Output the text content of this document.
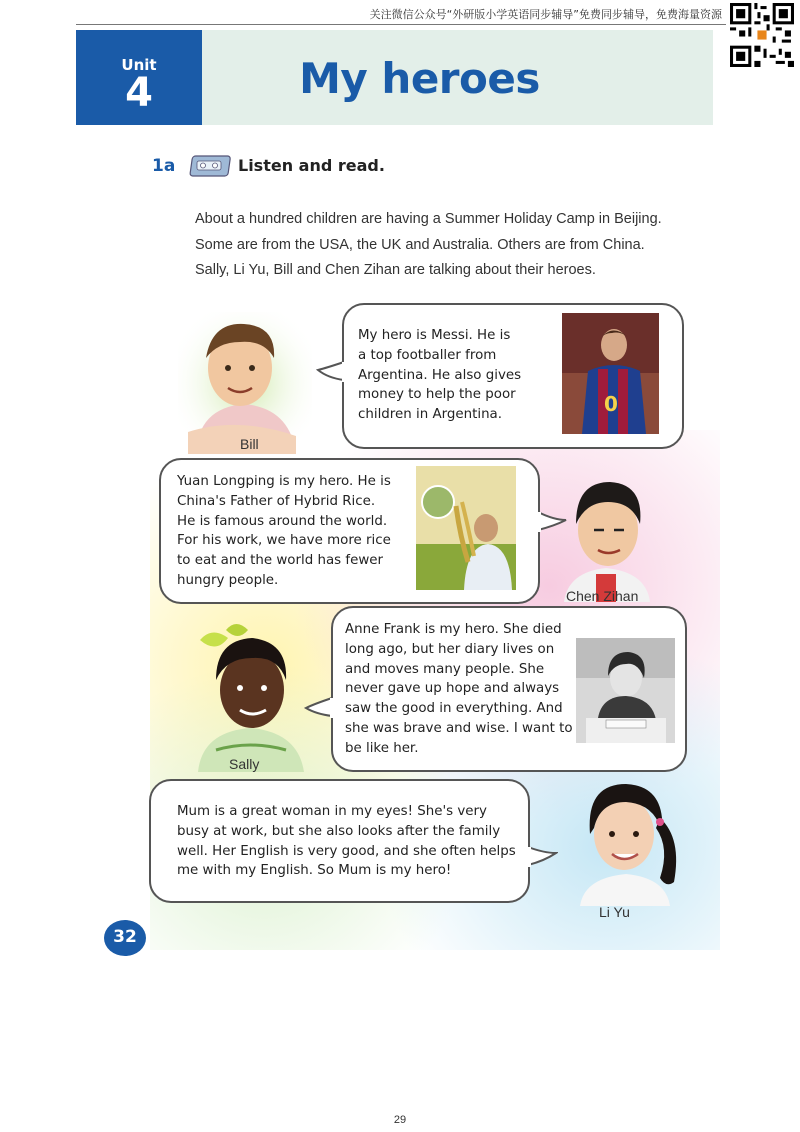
关注微信公众号“外研版小学英语同步辅导”免费同步辅导，免费海量资源
Unit
4	My heroes
1a	Listen and read.

About a hundred children are having a Summer Holiday Camp in Beijing.

Some are from the USA, the UK and Australia. Others are from China.

Sally, Li Yu, Bill and Chen Zihan are talking about their heroes.

Bill

My hero is Messi. He is

a top footballer from

Argentina. He also gives

money to help the poor

children in Argentina.	0

Yuan Longping is my hero. He is

China's Father of Hybrid Rice.

He is famous around the world.

For his work, we have more rice

to eat and the world has fewer

hungry people.

Chen Zihan
Sally

Anne Frank is my hero. She died

long ago, but her diary lives on

and moves many people. She

never gave up hope and always

saw the good in everything. And

she was brave and wise. I want to

be like her.

Mum is a great woman in my eyes! She's very

busy at work, but she also looks after the family

well. Her English is very good, and she often helps

me with my English. So Mum is my hero!

Li Yu
32
29
